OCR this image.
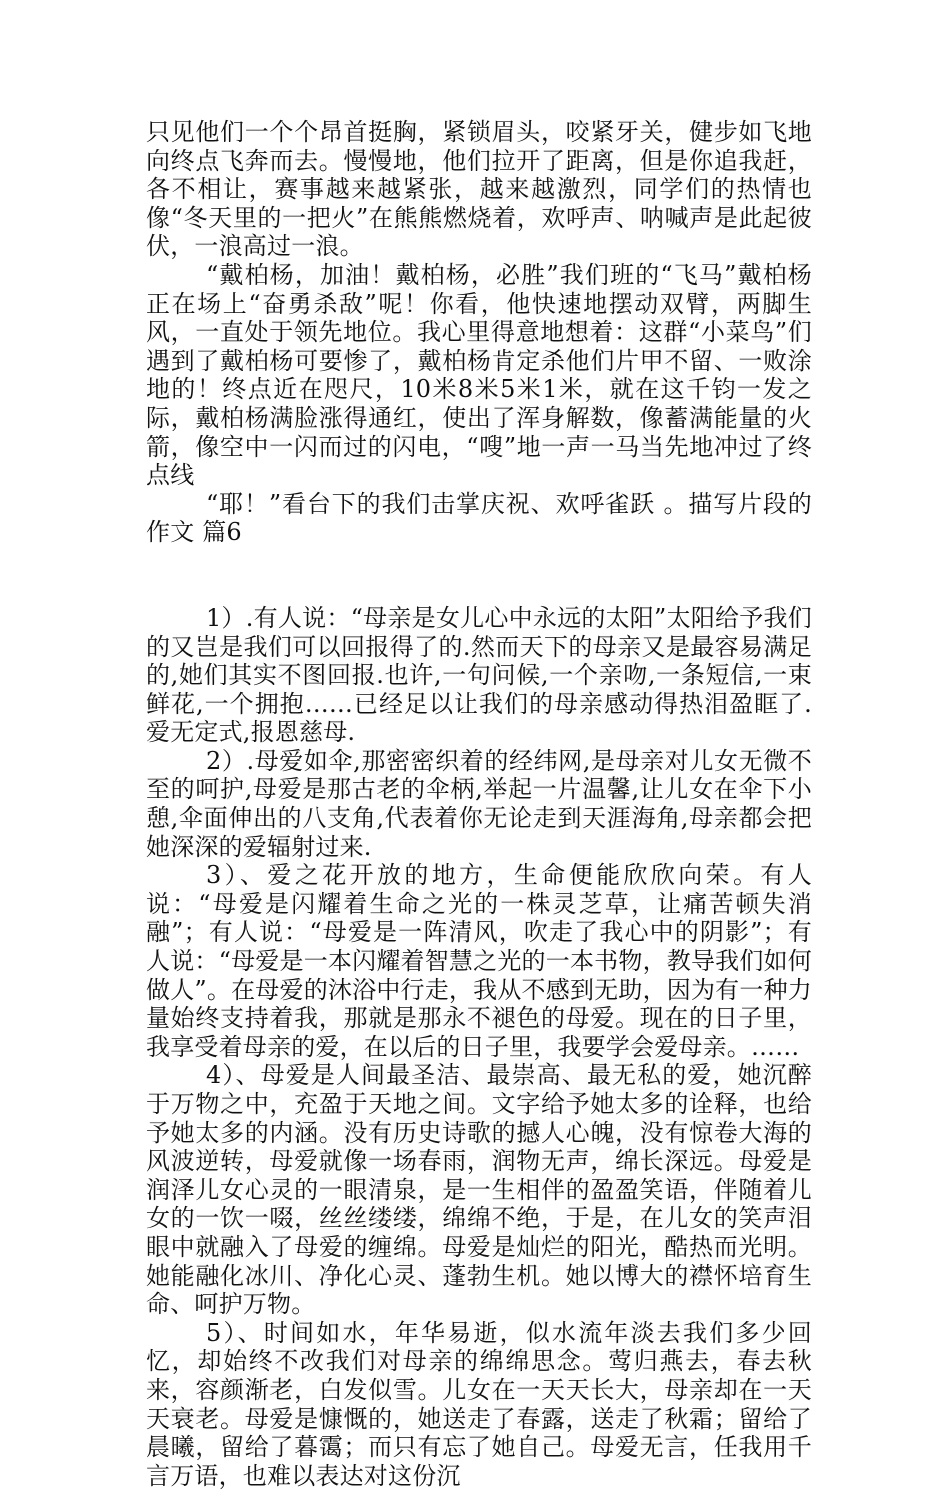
只见他们一个个昂首挺胸，紧锁眉头，咬紧牙关，健步如飞地向终点飞奔而去。慢慢地，他们拉开了距离，但是你追我赶，各不相让，赛事越来越紧张，越来越激烈，同学们的热情也像“冬天里的一把火”在熊熊燃烧着，欢呼声、呐喊声是此起彼伏，一浪高过一浪。

“戴柏杨，加油！戴柏杨，必胜”我们班的“飞马”戴柏杨正在场上“奋勇杀敌”呢！你看，他快速地摆动双臂，两脚生风，一直处于领先地位。我心里得意地想着：这群“小菜鸟”们遇到了戴柏杨可要惨了，戴柏杨肯定杀他们片甲不留、一败涂地的！终点近在咫尺，10米8米5米1米，就在这千钧一发之际，戴柏杨满脸涨得通红，使出了浑身解数，像蓄满能量的火箭，像空中一闪而过的闪电，“嗖”地一声一马当先地冲过了终点线

“耶！”看台下的我们击掌庆祝、欢呼雀跃 。描写片段的作文 篇6

1）.有人说：“母亲是女儿心中永远的太阳”太阳给予我们的又岂是我们可以回报得了的.然而天下的母亲又是最容易满足的,她们其实不图回报.也许,一句问候,一个亲吻,一条短信,一束鲜花,一个拥抱……已经足以让我们的母亲感动得热泪盈眶了.爱无定式,报恩慈母.

2）.母爱如伞,那密密织着的经纬网,是母亲对儿女无微不至的呵护,母爱是那古老的伞柄,举起一片温馨,让儿女在伞下小憩,伞面伸出的八支角,代表着你无论走到天涯海角,母亲都会把她深深的爱辐射过来.

3）、爱之花开放的地方，生命便能欣欣向荣。有人说：“母爱是闪耀着生命之光的一株灵芝草，让痛苦顿失消融”；有人说：“母爱是一阵清风，吹走了我心中的阴影”；有人说：“母爱是一本闪耀着智慧之光的一本书物，教导我们如何做人”。在母爱的沐浴中行走，我从不感到无助，因为有一种力量始终支持着我，那就是那永不褪色的母爱。现在的日子里，我享受着母亲的爱，在以后的日子里，我要学会爱母亲。……

4）、母爱是人间最圣洁、最崇高、最无私的爱，她沉醉于万物之中，充盈于天地之间。文字给予她太多的诠释，也给予她太多的内涵。没有历史诗歌的撼人心魄，没有惊卷大海的风波逆转，母爱就像一场春雨，润物无声，绵长深远。母爱是润泽儿女心灵的一眼清泉，是一生相伴的盈盈笑语，伴随着儿女的一饮一啜，丝丝缕缕，绵绵不绝，于是，在儿女的笑声泪眼中就融入了母爱的缠绵。母爱是灿烂的阳光，酷热而光明。她能融化冰川、净化心灵、蓬勃生机。她以博大的襟怀培育生命、呵护万物。

5）、时间如水，年华易逝，似水流年淡去我们多少回忆，却始终不改我们对母亲的绵绵思念。莺归燕去，春去秋来，容颜渐老，白发似雪。儿女在一天天长大，母亲却在一天天衰老。母爱是慷慨的，她送走了春露，送走了秋霜；留给了晨曦，留给了暮霭；而只有忘了她自己。母爱无言，任我用千言万语，也难以表达对这份沉
